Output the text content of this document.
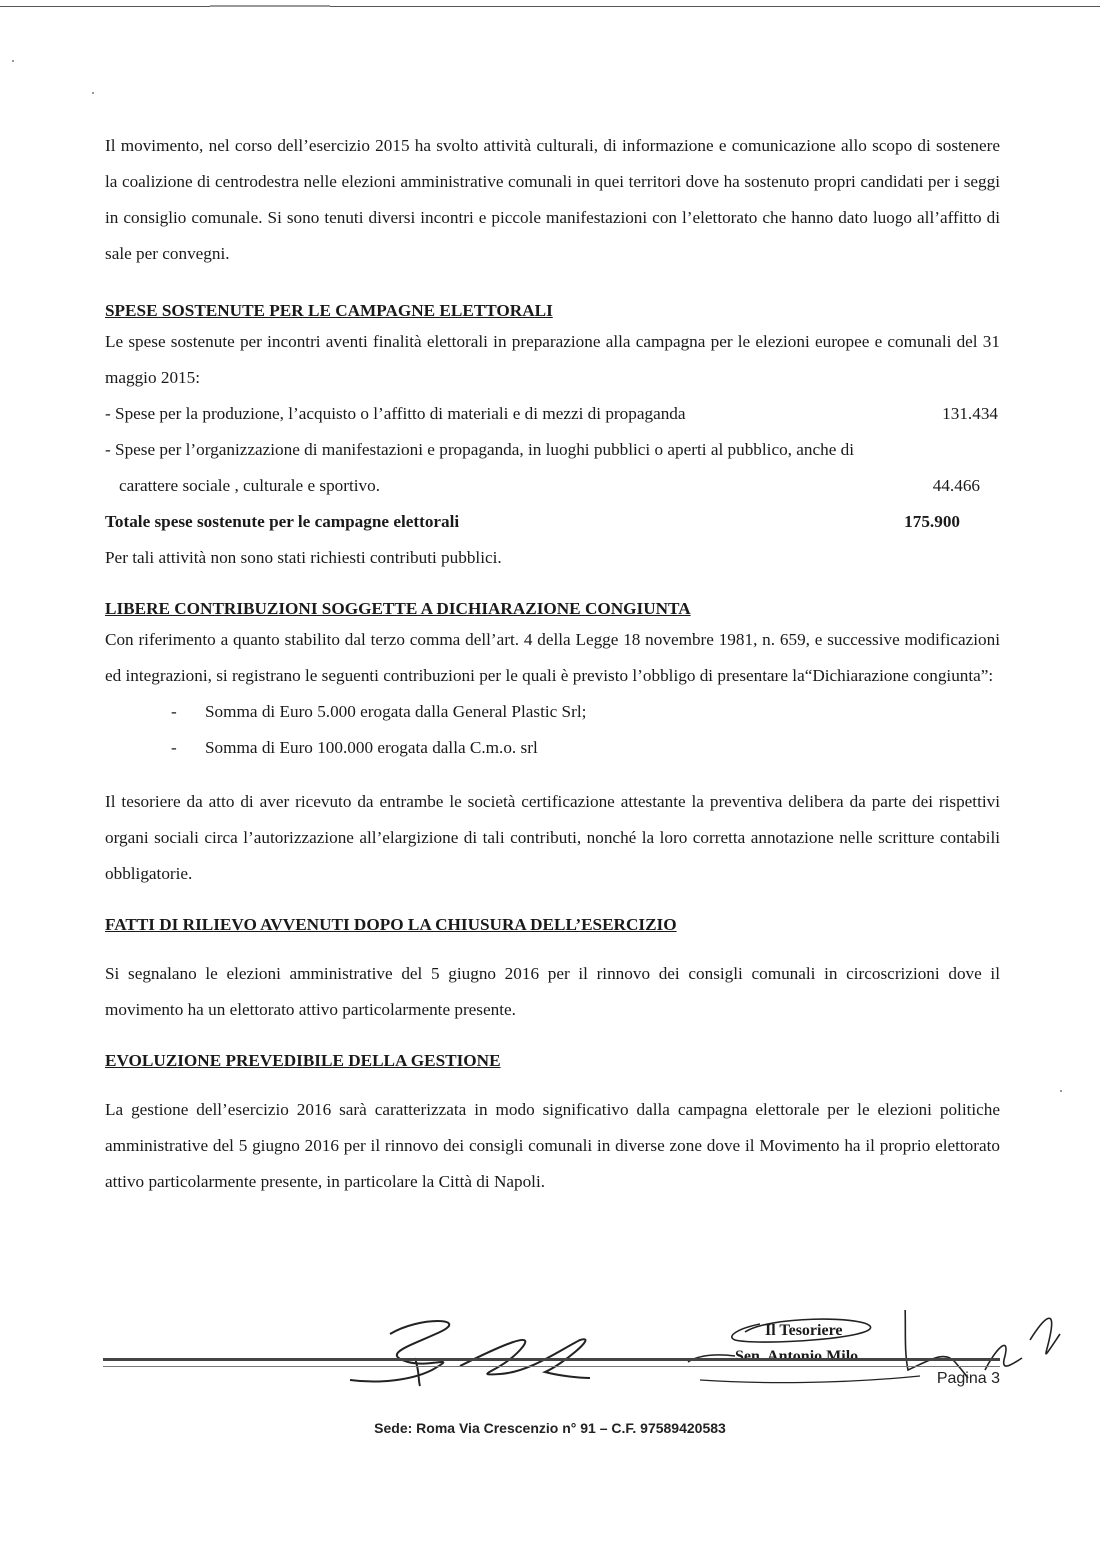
Il movimento, nel corso dell’esercizio 2015 ha svolto attività culturali, di informazione e comunicazione allo scopo di sostenere la coalizione di centrodestra nelle elezioni amministrative comunali in quei territori dove ha sostenuto propri candidati per i seggi in consiglio comunale. Si sono tenuti diversi incontri e piccole manifestazioni con l’elettorato che hanno dato luogo all’affitto di sale per convegni.

SPESE SOSTENUTE PER LE CAMPAGNE ELETTORALI

Le spese sostenute per incontri aventi finalità elettorali in preparazione alla campagna per le elezioni europee e comunali del 31 maggio 2015:

- Spese per la produzione, l’acquisto o l’affitto di materiali e di mezzi di propaganda	131.434
- Spese per l’organizzazione di manifestazioni e propaganda, in luoghi pubblici o aperti al pubblico, anche di
carattere sociale , culturale e sportivo.	44.466
Totale spese sostenute per le campagne elettorali	175.900

Per tali attività non sono stati richiesti contributi pubblici.

LIBERE CONTRIBUZIONI SOGGETTE A DICHIARAZIONE CONGIUNTA

Con riferimento a quanto stabilito dal terzo comma dell’art. 4 della Legge 18 novembre 1981, n. 659, e successive modificazioni ed integrazioni, si registrano le seguenti contribuzioni per le quali è previsto l’obbligo di presentare la“Dichiarazione congiunta”:

- Somma di Euro 5.000 erogata dalla General Plastic Srl;
- Somma di Euro 100.000 erogata dalla C.m.o. srl

Il tesoriere da atto di aver ricevuto da entrambe le società certificazione attestante la preventiva delibera da parte dei rispettivi organi sociali circa l’autorizzazione all’elargizione di tali contributi, nonché la loro corretta annotazione nelle scritture contabili obbligatorie.

FATTI DI RILIEVO AVVENUTI DOPO LA CHIUSURA DELL’ESERCIZIO

Si segnalano le elezioni amministrative del 5 giugno 2016 per il rinnovo dei consigli comunali in circoscrizioni dove il movimento ha un elettorato attivo particolarmente presente.

EVOLUZIONE PREVEDIBILE DELLA GESTIONE

La gestione dell’esercizio 2016 sarà caratterizzata in modo significativo dalla campagna elettorale per le elezioni politiche amministrative del 5 giugno 2016 per il rinnovo dei consigli comunali in diverse zone dove il Movimento ha il proprio elettorato attivo particolarmente presente, in particolare la Città di Napoli.

Il Tesoriere
Sen. Antonio Milo
Pagina 3
Sede: Roma Via Crescenzio n° 91 – C.F. 97589420583
